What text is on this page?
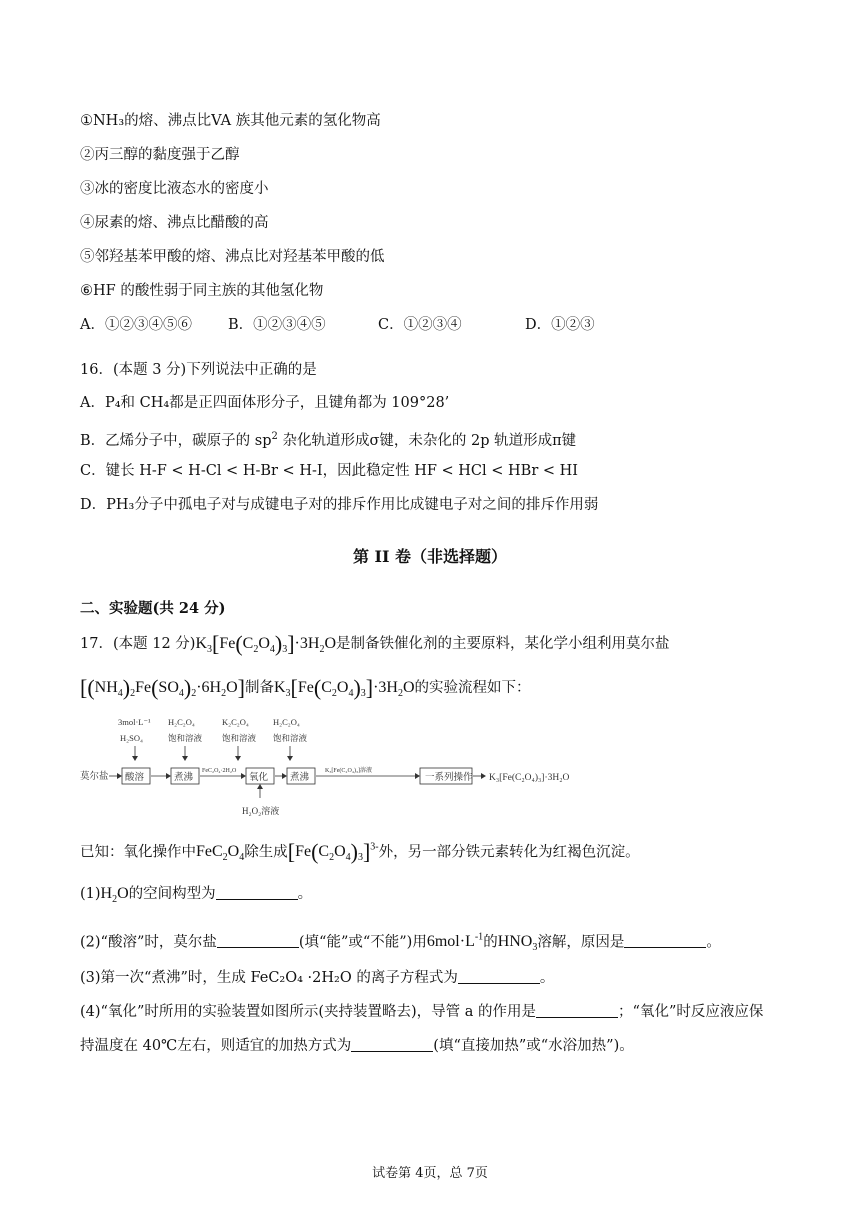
①NH₃的熔、沸点比VA 族其他元素的氢化物高
②丙三醇的黏度强于乙醇
③冰的密度比液态水的密度小
④尿素的熔、沸点比醋酸的高
⑤邻羟基苯甲酸的熔、沸点比对羟基苯甲酸的低
⑥HF 的酸性弱于同主族的其他氢化物
A．①②③④⑤⑥ B．①②③④⑤	C．①②③④	D．①②③
16．(本题 3 分)下列说法中正确的是
A．P₄和 CH₄都是正四面体形分子，且键角都为 109°28’
B．乙烯分子中，碳原子的 $sp^2$ 杂化轨道形成σ键，未杂化的 2p 轨道形成π键
C．键长 H-F < H-Cl < H-Br < H-I，因此稳定性 HF < HCl < HBr < HI
D．PH₃分子中孤电子对与成键电子对的排斥作用比成键电子对之间的排斥作用弱
第 II 卷（非选择题）
二、实验题(共 24 分)
17．(本题 12 分)$K_3[Fe(C_2O_4)_3]\cdot 3H_2O$是制备铁催化剂的主要原料，某化学小组利用莫尔盐
$[(NH_4)_2Fe(SO_4)_2\cdot 6H_2O]$制备$K_3[Fe(C_2O_4)_3]\cdot 3H_2O$的实验流程如下：
3mol·L⁻¹
H₂SO₄
H₂C₂O₄
饱和溶液
K₂C₂O₄
饱和溶液
H₂C₂O₄
饱和溶液
莫尔盐 酸溶	煮沸	氧化 煮沸	一系列操作 K₃[Fe(C₂O₄)₃]·3H₂O
FeC₂O₄·2H₂O	K₃[Fe(C₂O₄)₃]溶液
H₂O₂溶液
已知：氧化操作中$FeC_2O_4$除生成$[Fe(C_2O_4)_3]^{3-}$外，另一部分铁元素转化为红褐色沉淀。
$(1)H_2O$的空间构型为	。
(2)“酸溶”时，莫尔盐	(填“能”或“不能”)用$6mol\cdot L^{-1}$的$HNO_3$溶解，原因是	。
(3)第一次“煮沸”时，生成 FeC₂O₄ ·2H₂O 的离子方程式为	。
(4)“氧化”时所用的实验装置如图所示(夹持装置略去)，导管 a 的作用是	；“氧化”时反应液应保
持温度在 40℃左右，则适宜的加热方式为	(填“直接加热”或“水浴加热”)。
试卷第 4页，总 7页
